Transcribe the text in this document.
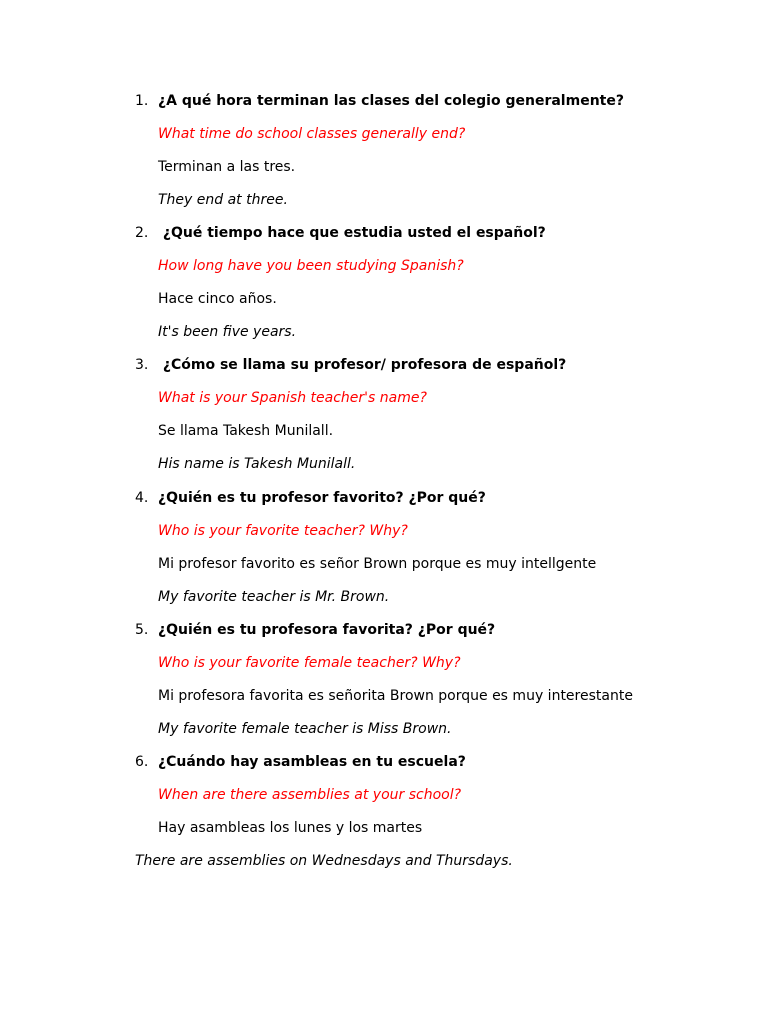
1. ¿A qué hora terminan las clases del colegio generalmente?
What time do school classes generally end?
Terminan a las tres.
They end at three.
2. ¿Qué tiempo hace que estudia usted el español?
How long have you been studying Spanish?
Hace cinco años.
It's been five years.
3. ¿Cómo se llama su profesor/ profesora de español?
What is your Spanish teacher's name?
Se llama Takesh Munilall.
His name is Takesh Munilall.
4. ¿Quién es tu profesor favorito? ¿Por qué?
Who is your favorite teacher? Why?
Mi profesor favorito es señor Brown porque es muy intellgente
My favorite teacher is Mr. Brown.
5. ¿Quién es tu profesora favorita? ¿Por qué?
Who is your favorite female teacher? Why?
Mi profesora favorita es señorita Brown porque es muy interestante
My favorite female teacher is Miss Brown.
6. ¿Cuándo hay asambleas en tu escuela?
When are there assemblies at your school?
Hay asambleas los lunes y los martes
There are assemblies on Wednesdays and Thursdays.
